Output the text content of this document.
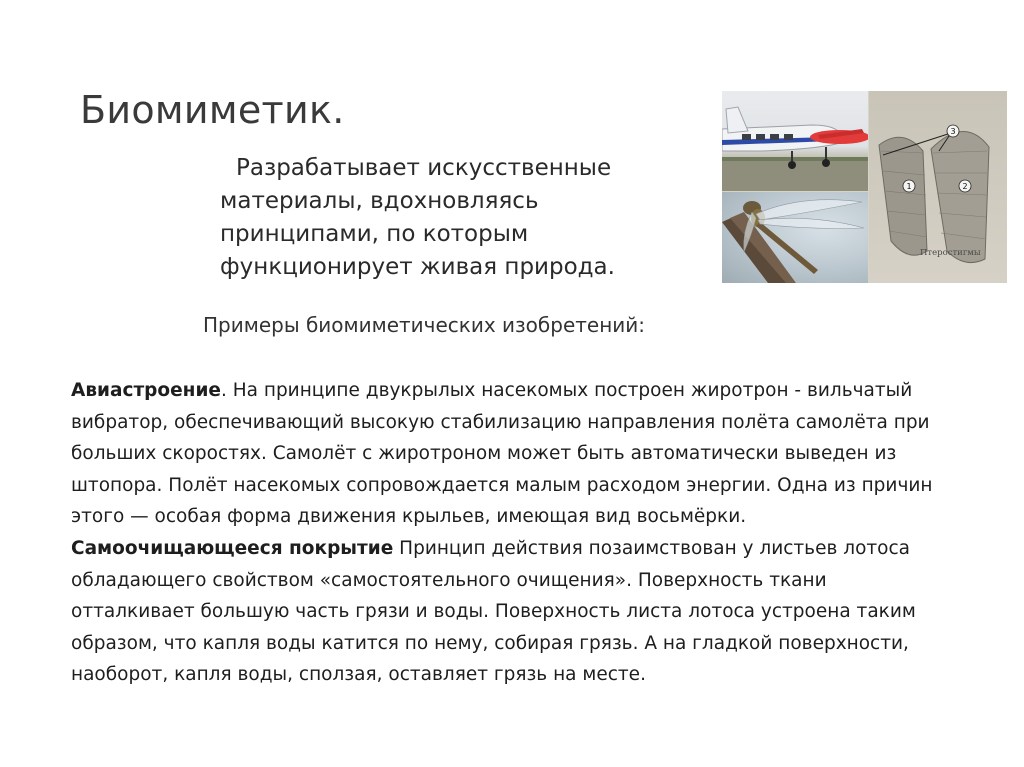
Биомиметик.

Разрабатывает искусственные
материалы, вдохновляясь
принципами, по которым
функционирует живая природа.

Примеры биомиметических изобретений:

Авиастроение. На принципе двукрылых насекомых построен жиротрон - вильчатый вибратор, обеспечивающий высокую стабилизацию направления полёта самолёта при больших скоростях. Самолёт с жиротроном может быть автоматически выведен из штопора. Полёт насекомых сопровождается малым расходом энергии. Одна из причин этого — особая форма движения крыльев, имеющая вид восьмёрки.

Самоочищающееся покрытие Принцип действия позаимствован у листьев лотоса обладающего свойством «самостоятельного очищения». Поверхность ткани отталкивает большую часть грязи и воды. Поверхность листа лотоса устроена таким образом, что капля воды катится по нему, собирая грязь. А на гладкой поверхности, наоборот, капля воды, сползая, оставляет грязь на месте.

3
1	2

Птеростигмы
